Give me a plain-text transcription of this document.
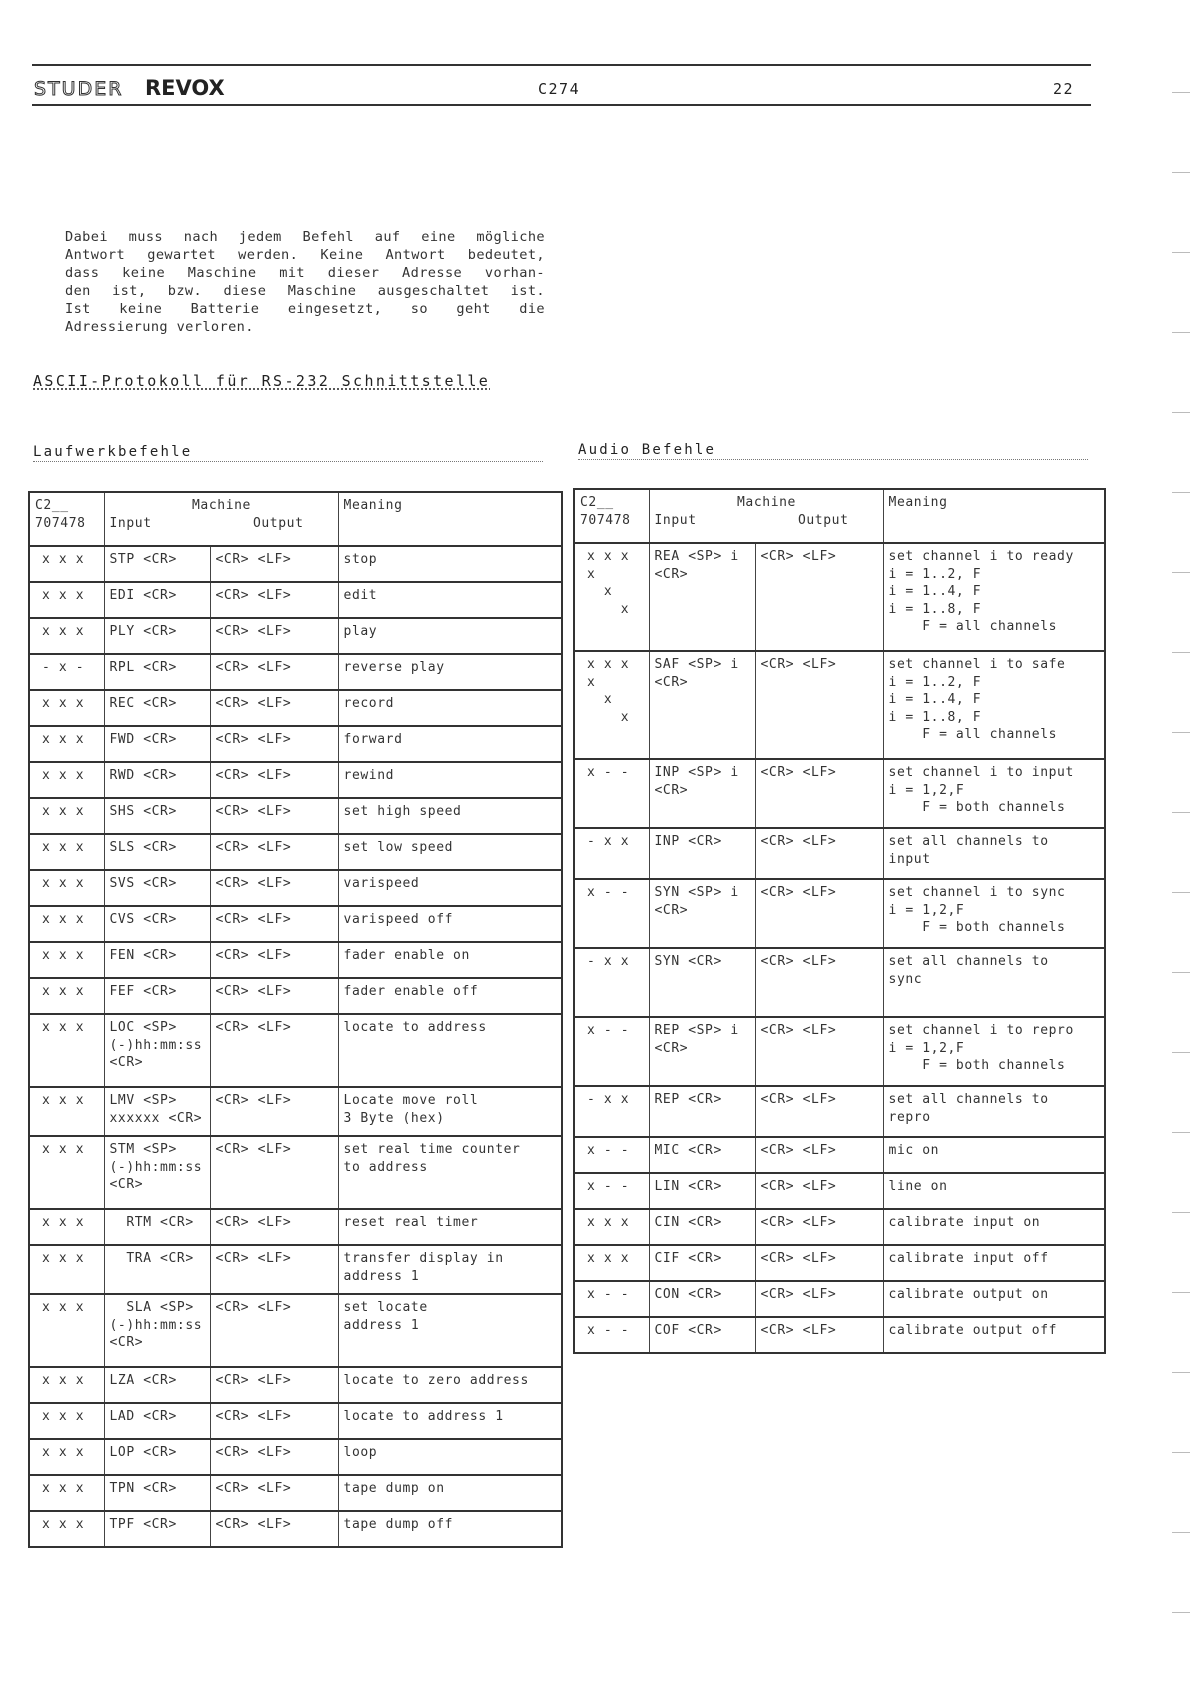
STUDER REVOX	C274	22
Dabei muss nach jedem Befehl auf eine mögliche
Antwort gewartet werden. Keine Antwort bedeutet,
dass keine Maschine mit dieser Adresse vorhan-
den ist, bzw. diese Maschine ausgeschaltet ist.
Ist keine Batterie eingesetzt, so geht die
Adressierung verloren.
ASCII-Protokoll für RS-232 Schnittstelle
Laufwerkbefehle	Audio Befehle
C2__
707478	Machine
Input Output		Meaning
x x x	STP <CR>	<CR> <LF>	stop
x x x	EDI <CR>	<CR> <LF>	edit
x x x	PLY <CR>	<CR> <LF>	play
- x -	RPL <CR>	<CR> <LF>	reverse play
x x x	REC <CR>	<CR> <LF>	record
x x x	FWD <CR>	<CR> <LF>	forward
x x x	RWD <CR>	<CR> <LF>	rewind
x x x	SHS <CR>	<CR> <LF>	set high speed
x x x	SLS <CR>	<CR> <LF>	set low speed
x x x	SVS <CR>	<CR> <LF>	varispeed
x x x	CVS <CR>	<CR> <LF>	varispeed off
x x x	FEN <CR>	<CR> <LF>	fader enable on
x x x	FEF <CR>	<CR> <LF>	fader enable off
x x x	LOC <SP>
(-)hh:mm:ss
<CR>	<CR> <LF>	locate to address
x x x	LMV <SP>
xxxxxx <CR>	<CR> <LF>	Locate move roll
3 Byte (hex)
x x x	STM <SP>
(-)hh:mm:ss
<CR>	<CR> <LF>	set real time counter
to address
x x x	RTM <CR>	<CR> <LF>	reset real timer
x x x	TRA <CR>	<CR> <LF>	transfer display in
address 1
x x x	SLA <SP>
(-)hh:mm:ss
<CR>	<CR> <LF>	set locate
address 1
x x x	LZA <CR>	<CR> <LF>	locate to zero address
x x x	LAD <CR>	<CR> <LF>	locate to address 1
x x x	LOP <CR>	<CR> <LF>	loop
x x x	TPN <CR>	<CR> <LF>	tape dump on
x x x	TPF <CR>	<CR> <LF>	tape dump off
C2__
707478	Machine
Input Output		Meaning
x x x
x
x
x	REA <SP> i
<CR>	<CR> <LF>	set channel i to ready
i = 1..2, F
i = 1..4, F
i = 1..8, F
F = all channels
x x x
x
x
x	SAF <SP> i
<CR>	<CR> <LF>	set channel i to safe
i = 1..2, F
i = 1..4, F
i = 1..8, F
F = all channels
x - -	INP <SP> i
<CR>	<CR> <LF>	set channel i to input
i = 1,2,F
F = both channels
- x x	INP <CR>	<CR> <LF>	set all channels to
input
x - -	SYN <SP> i
<CR>	<CR> <LF>	set channel i to sync
i = 1,2,F
F = both channels
- x x	SYN <CR>	<CR> <LF>	set all channels to
sync
x - -	REP <SP> i
<CR>	<CR> <LF>	set channel i to repro
i = 1,2,F
F = both channels
- x x	REP <CR>	<CR> <LF>	set all channels to
repro
x - -	MIC <CR>	<CR> <LF>	mic on
x - -	LIN <CR>	<CR> <LF>	line on
x x x	CIN <CR>	<CR> <LF>	calibrate input on
x x x	CIF <CR>	<CR> <LF>	calibrate input off
x - -	CON <CR>	<CR> <LF>	calibrate output on
x - -	COF <CR>	<CR> <LF>	calibrate output off
